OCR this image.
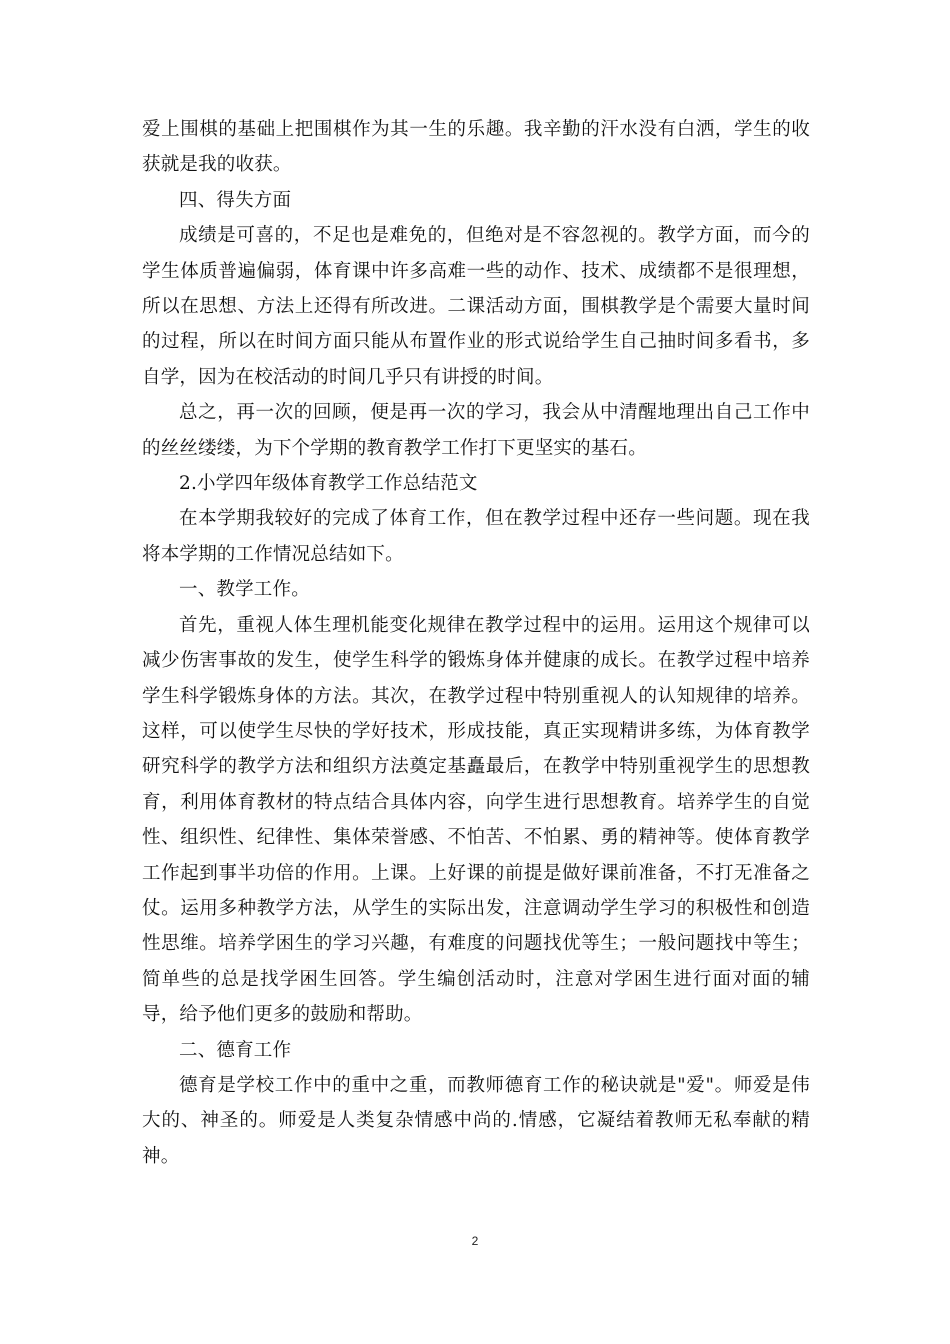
爱上围棋的基础上把围棋作为其一生的乐趣。我辛勤的汗水没有白洒，学生的收获就是我的收获。

四、得失方面

成绩是可喜的，不足也是难免的，但绝对是不容忽视的。教学方面，而今的学生体质普遍偏弱，体育课中许多高难一些的动作、技术、成绩都不是很理想，所以在思想、方法上还得有所改进。二课活动方面，围棋教学是个需要大量时间的过程，所以在时间方面只能从布置作业的形式说给学生自己抽时间多看书，多自学，因为在校活动的时间几乎只有讲授的时间。

总之，再一次的回顾，便是再一次的学习，我会从中清醒地理出自己工作中的丝丝缕缕，为下个学期的教育教学工作打下更坚实的基石。

2.小学四年级体育教学工作总结范文

在本学期我较好的完成了体育工作，但在教学过程中还存一些问题。现在我将本学期的工作情况总结如下。

一、教学工作。

首先，重视人体生理机能变化规律在教学过程中的运用。运用这个规律可以减少伤害事故的发生，使学生科学的锻炼身体并健康的成长。在教学过程中培养学生科学锻炼身体的方法。其次，在教学过程中特别重视人的认知规律的培养。这样，可以使学生尽快的学好技术，形成技能，真正实现精讲多练，为体育教学研究科学的教学方法和组织方法奠定基矗最后，在教学中特别重视学生的思想教育，利用体育教材的特点结合具体内容，向学生进行思想教育。培养学生的自觉性、组织性、纪律性、集体荣誉感、不怕苦、不怕累、勇的精神等。使体育教学工作起到事半功倍的作用。上课。上好课的前提是做好课前准备，不打无准备之仗。运用多种教学方法，从学生的实际出发，注意调动学生学习的积极性和创造性思维。培养学困生的学习兴趣，有难度的问题找优等生；一般问题找中等生；简单些的总是找学困生回答。学生编创活动时，注意对学困生进行面对面的辅导，给予他们更多的鼓励和帮助。

二、德育工作

德育是学校工作中的重中之重，而教师德育工作的秘诀就是"爱"。师爱是伟大的、神圣的。师爱是人类复杂情感中尚的.情感，它凝结着教师无私奉献的精神。

2
